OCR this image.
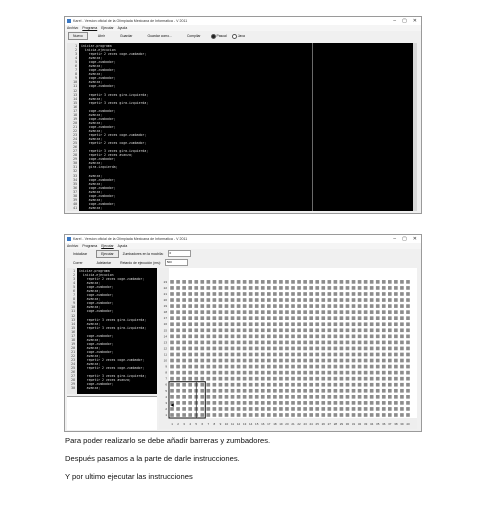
Karel - Version oficial de la Olimpiada Mexicana de Informatica - V 2011	– ▢ ✕
Archivo Programa Ejecutar Ayuda
Nuevo	Abrir	Guardar	Guardar como...	Compilar	Pascal	Java
1
2
3
4
5
6
7
8
9
10
11
12
13
14
15
16
17
18
19
20
21
22
23
24
25
26
27
28
29
30
31
32
33
34
35
36
37
38
39
40
41
iniciar-programa
inicia-ejecucion
repetir 2 veces coge-zumbador;
avanza;
coge-zumbador;
avanza;
coge-zumbador;
avanza;
coge-zumbador;
avanza;
coge-zumbador;

repetir 3 veces gira-izquierda;
avanza;
repetir 3 veces gira-izquierda;

coge-zumbador;
avanza;
coge-zumbador;
avanza;
coge-zumbador;
avanza;
repetir 2 veces coge-zumbador;
avanza;
repetir 2 veces coge-zumbador;

repetir 3 veces gira-izquierda;
repetir 2 veces avanza;
coge-zumbador;
avanza;
gira-izquierda;

avanza;
coge-zumbador;
avanza;
coge-zumbador;
avanza;
coge-zumbador;
avanza;
coge-zumbador;
avanza;
Karel - Version oficial de la Olimpiada Mexicana de Informatica - V 2011	– ▢ ✕
Archivo Programa Ejecutar Ayuda
Inicializar	Ejecutar	Zumbadores en la mochila:	0
Correr	Adelantar	Retardo de ejecución (ms):	500
1
2
3
4
5
6
7
8
9
10
11
12
13
14
15
16
17
18
19
20
21
22
23
24
25
26
27
28
29
30
iniciar-programa
inicia-ejecucion
repetir 2 veces coge-zumbador;
avanza;
coge-zumbador;
avanza;
coge-zumbador;
avanza;
coge-zumbador;
avanza;
coge-zumbador;

repetir 3 veces gira-izquierda;
avanza;
repetir 3 veces gira-izquierda;

coge-zumbador;
avanza;
coge-zumbador;
avanza;
coge-zumbador;
avanza;
repetir 2 veces coge-zumbador;
avanza;
repetir 2 veces coge-zumbador;

repetir 3 veces gira-izquierda;
repetir 2 veces avanza;
coge-zumbador;
avanza;
1 2 3 4 5 6 7 8 9 10 11 12 13 14 15 16 17 18 19 20 21 22 23 24 25 26 27 28 29 30 31 32 33 34 35 36 37 38 39 40
1
2
3
4
5
6
7
8
9
10
11
12
13
14
15
16
17
18
19
20
21
22
23
◂
Para poder realizarlo se debe añadir barreras y zumbadores.
Después pasamos a la parte de darle instrucciones.
Y por ultimo ejecutar las instrucciones
